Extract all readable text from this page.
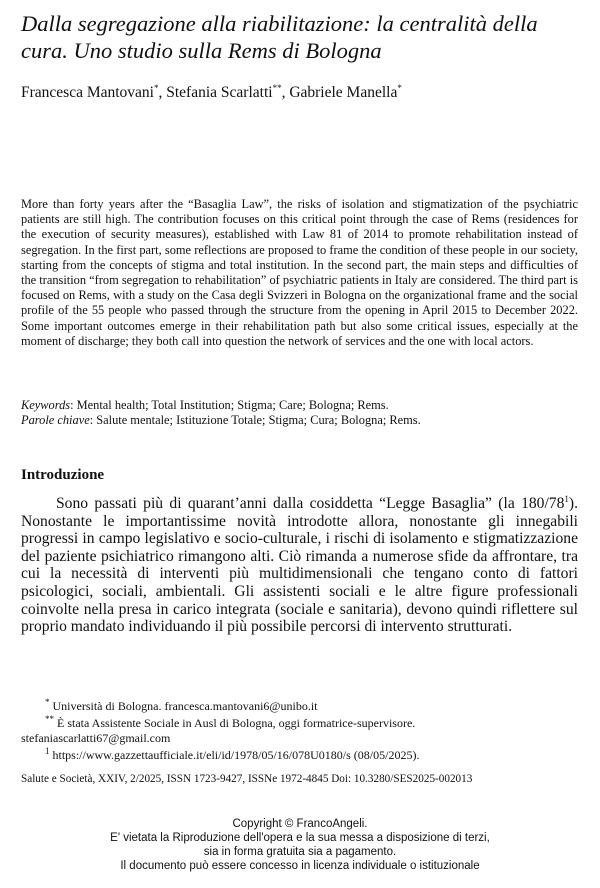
Dalla segregazione alla riabilitazione: la centralità della cura. Uno studio sulla Rems di Bologna
Francesca Mantovani*, Stefania Scarlatti**, Gabriele Manella*

More than forty years after the “Basaglia Law”, the risks of isolation and stigmatization of the psychiatric patients are still high. The contribution focuses on this critical point through the case of Rems (residences for the execution of security measures), established with Law 81 of 2014 to promote rehabilitation instead of segregation. In the first part, some reflections are proposed to frame the condition of these people in our society, starting from the concepts of stigma and total institution. In the second part, the main steps and difficulties of the transition “from segregation to rehabilitation” of psychiatric patients in Italy are considered. The third part is focused on Rems, with a study on the Casa degli Svizzeri in Bologna on the organizational frame and the social profile of the 55 people who passed through the structure from the opening in April 2015 to December 2022. Some important outcomes emerge in their rehabilitation path but also some critical issues, especially at the moment of discharge; they both call into question the network of services and the one with local actors.

Keywords: Mental health; Total Institution; Stigma; Care; Bologna; Rems.

Parole chiave: Salute mentale; Istituzione Totale; Stigma; Cura; Bologna; Rems.

Introduzione

Sono passati più di quarant’anni dalla cosiddetta “Legge Basaglia” (la $180/78^1$). Nonostante le importantissime novità introdotte allora, nonostante gli innegabili progressi in campo legislativo e socio-culturale, i rischi di isolamento e stigmatizzazione del paziente psichiatrico rimangono alti. Ciò rimanda a numerose sfide da affrontare, tra cui la necessità di interventi più multidimensionali che tengano conto di fattori psicologici, sociali, ambientali. Gli assistenti sociali e le altre figure professionali coinvolte nella presa in carico integrata (sociale e sanitaria), devono quindi riflettere sul proprio mandato individuando il più possibile percorsi di intervento strutturati.

* Università di Bologna. francesca.mantovani6@unibo.it

** È stata Assistente Sociale in Ausl di Bologna, oggi formatrice-supervisore.
stefaniascarlatti67@gmail.com

$^1$ https://www.gazzettaufficiale.it/eli/id/1978/05/16/078U0180/s (08/05/2025).

Salute e Società, XXIV, 2/2025, ISSN 1723-9427, ISSNe 1972-4845 Doi: 10.3280/SES2025-002013

Copyright © FrancoAngeli.

E' vietata la Riproduzione dell'opera e la sua messa a disposizione di terzi,

sia in forma gratuita sia a pagamento.

Il documento può essere concesso in licenza individuale o istituzionale
